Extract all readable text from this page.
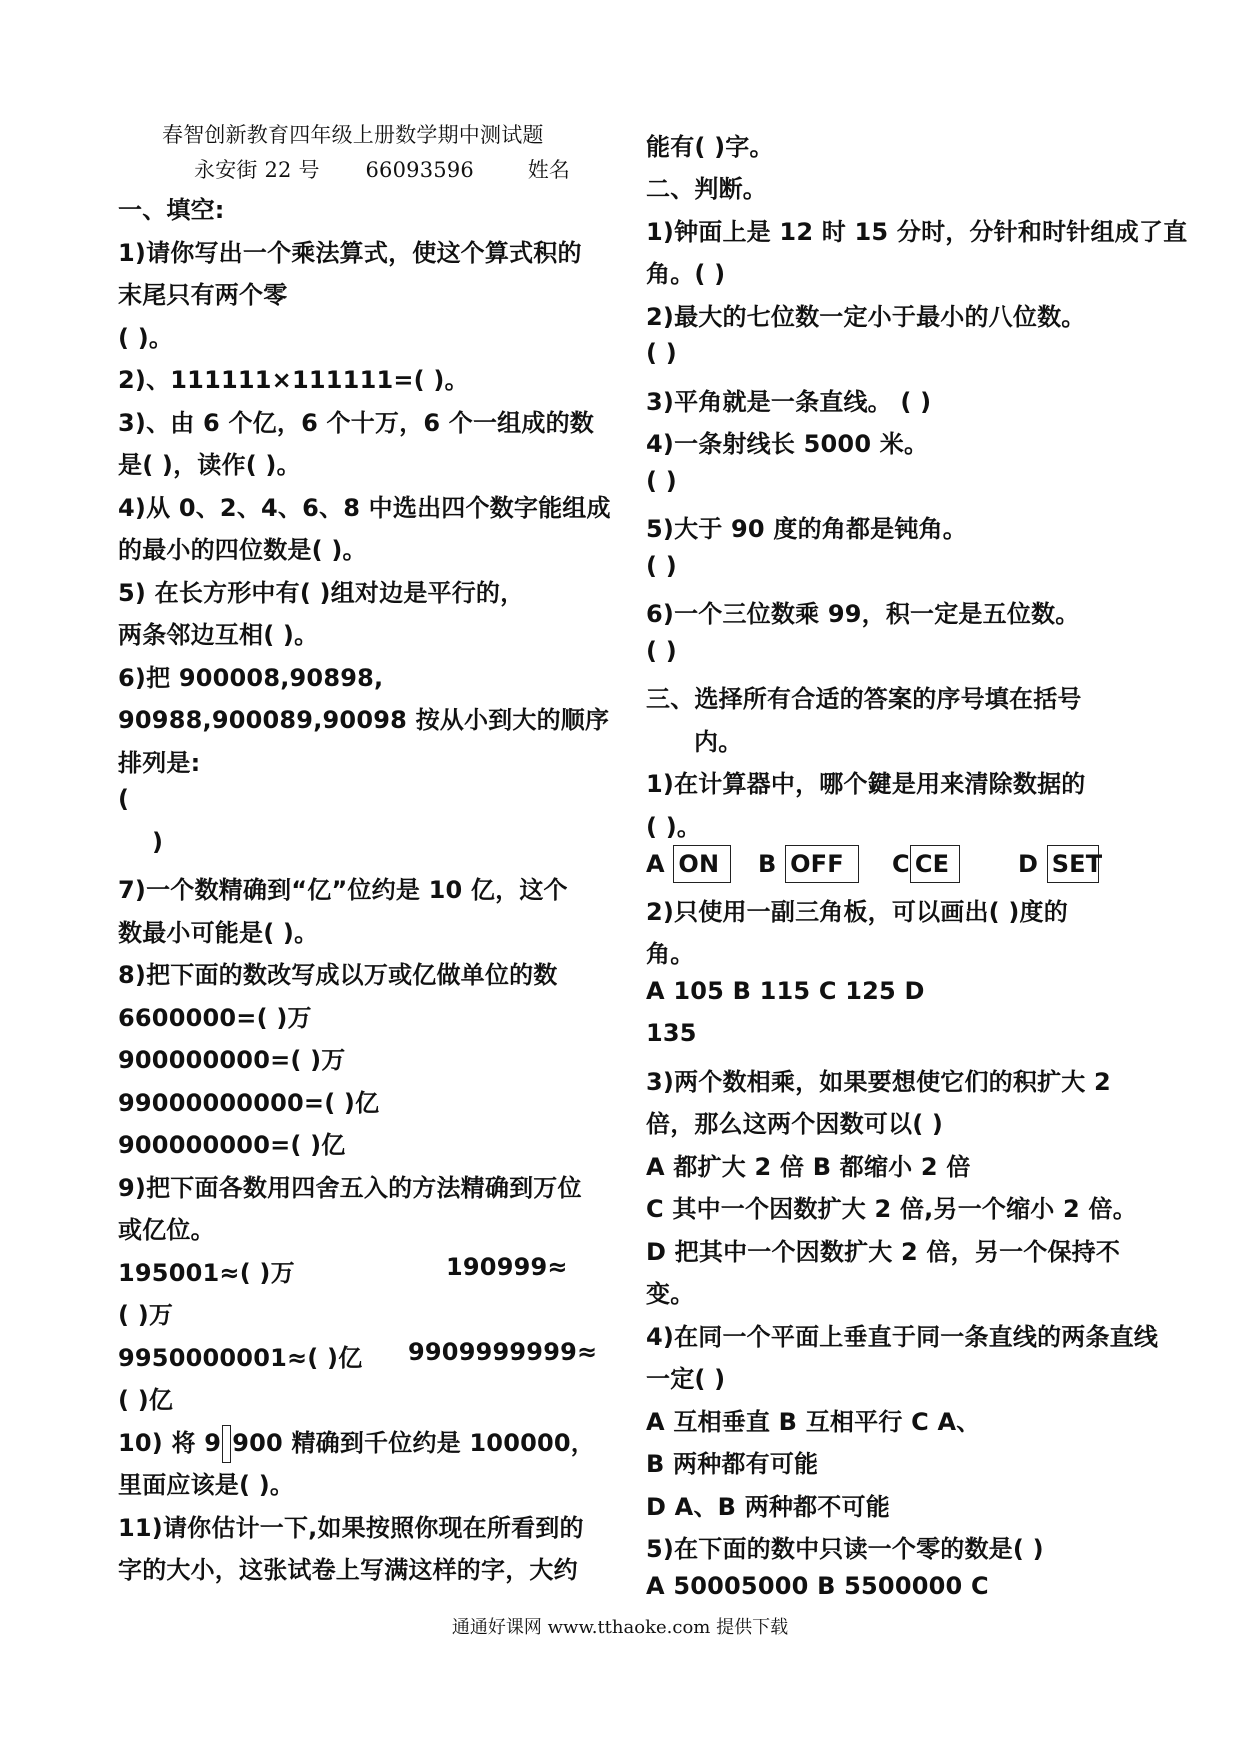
春智创新教育四年级上册数学期中测试题
永安街 22 号 66093596	姓名
一、填空:
1)请你写出一个乘法算式，使这个算式积的
末尾只有两个零
( )。
2)、111111×111111=( )。
3)、由 6 个亿，6 个十万，6 个一组成的数
是( )，读作( )。
4)从 0、2、4、6、8 中选出四个数字能组成
的最小的四位数是( )。
5) 在长方形中有( )组对边是平行的，
两条邻边互相( )。
6)把 900008,90898,
90988,900089,90098 按从小到大的顺序
排列是:
(
)
7)一个数精确到“亿”位约是 10 亿，这个
数最小可能是( )。
8)把下面的数改写成以万或亿做单位的数
6600000=( )万
900000000=( )万
99000000000=( )亿
900000000=( )亿
9)把下面各数用四舍五入的方法精确到万位
或亿位。
195001≈( )万	190999≈
( )万
9950000001≈( )亿 9909999999≈
( )亿
10) 将 9 900 精确到千位约是 100000，
里面应该是( )。
11)请你估计一下,如果按照你现在所看到的
字的大小，这张试卷上写满这样的字，大约
能有( )字。
二、判断。
1)钟面上是 12 时 15 分时，分针和时针组成了直
角。( )
2)最大的七位数一定小于最小的八位数。
( )
3)平角就是一条直线。 ( )
4)一条射线长 5000 米。
( )
5)大于 90 度的角都是钝角。
( )
6)一个三位数乘 99，积一定是五位数。
( )
三、选择所有合适的答案的序号填在括号
内。
1)在计算器中，哪个鍵是用来清除数据的
( )。
A ON	B OFF	C CE	D SET
2)只使用一副三角板，可以画出( )度的
角。
A 105 B 115 C 125 D
135
3)两个数相乘，如果要想使它们的积扩大 2
倍，那么这两个因数可以( )
A 都扩大 2 倍 B 都缩小 2 倍
C 其中一个因数扩大 2 倍,另一个缩小 2 倍。
D 把其中一个因数扩大 2 倍，另一个保持不
变。
4)在同一个平面上垂直于同一条直线的两条直线
一定( )
A 互相垂直 B 互相平行 C A、
B 两种都有可能
D A、B 两种都不可能
5)在下面的数中只读一个零的数是( )
A 50005000 B 5500000 C
通通好课网 www.tthaoke.com 提供下载
